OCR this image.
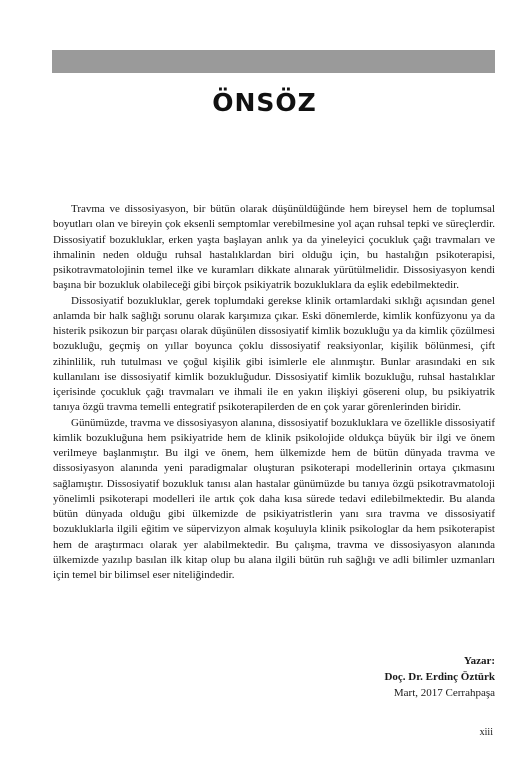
ÖNSÖZ

Travma ve dissosiyasyon, bir bütün olarak düşünüldüğünde hem bireysel hem de toplumsal boyutları olan ve bireyin çok eksenli semptomlar verebilmesine yol açan ruhsal tepki ve süreçlerdir. Dissosiyatif bozukluklar, erken yaşta başlayan anlık ya da yineleyici çocukluk çağı travmaları ve ihmalinin neden olduğu ruhsal hastalıklardan biri olduğu için, bu hastalığın psikoterapisi, psikotravmatolojinin temel ilke ve kuramları dikkate alınarak yürütülmelidir. Dissosiyasyon kendi başına bir bozukluk olabileceği gibi birçok psikiyatrik bozukluklara da eşlik edebilmektedir.

Dissosiyatif bozukluklar, gerek toplumdaki gerekse klinik ortamlardaki sıklığı açısından genel anlamda bir halk sağlığı sorunu olarak karşımıza çıkar. Eski dönemlerde, kimlik konfüzyonu ya da histerik psikozun bir parçası olarak düşünülen dissosiyatif kimlik bozukluğu ya da kimlik çözülmesi bozukluğu, geçmiş on yıllar boyunca çoklu dissosiyatif reaksiyonlar, kişilik bölünmesi, çift zihinlilik, ruh tutulması ve çoğul kişilik gibi isimlerle ele alınmıştır. Bunlar arasındaki en sık kullanılanı ise dissosiyatif kimlik bozukluğudur. Dissosiyatif kimlik bozukluğu, ruhsal hastalıklar içerisinde çocukluk çağı travmaları ve ihmali ile en yakın ilişkiyi gösereni olup, bu psikiyatrik tanıya özgü travma temelli entegratif psikoterapilerden de en çok yarar görenlerinden biridir.

Günümüzde, travma ve dissosiyasyon alanına, dissosiyatif bozukluklara ve özellikle dissosiyatif kimlik bozukluğuna hem psikiyatride hem de klinik psikolojide oldukça büyük bir ilgi ve önem verilmeye başlanmıştır. Bu ilgi ve önem, hem ülkemizde hem de bütün dünyada travma ve dissosiyasyon alanında yeni paradigmalar oluşturan psikoterapi modellerinin ortaya çıkmasını sağlamıştır. Dissosiyatif bozukluk tanısı alan hastalar günümüzde bu tanıya özgü psikotravmatoloji yönelimli psikoterapi modelleri ile artık çok daha kısa sürede tedavi edilebilmektedir. Bu alanda bütün dünyada olduğu gibi ülkemizde de psikiyatristlerin yanı sıra travma ve dissosiyatif bozukluklarla ilgili eğitim ve süpervizyon almak koşuluyla klinik psikologlar da hem psikoterapist hem de araştırmacı olarak yer alabilmektedir. Bu çalışma, travma ve dissosiyasyon alanında ülkemizde yazılıp basılan ilk kitap olup bu alana ilgili bütün ruh sağlığı ve adli bilimler uzmanları için temel bir bilimsel eser niteliğindedir.

Yazar:
Doç. Dr. Erdinç Öztürk
Mart, 2017 Cerrahpaşa
xiii
